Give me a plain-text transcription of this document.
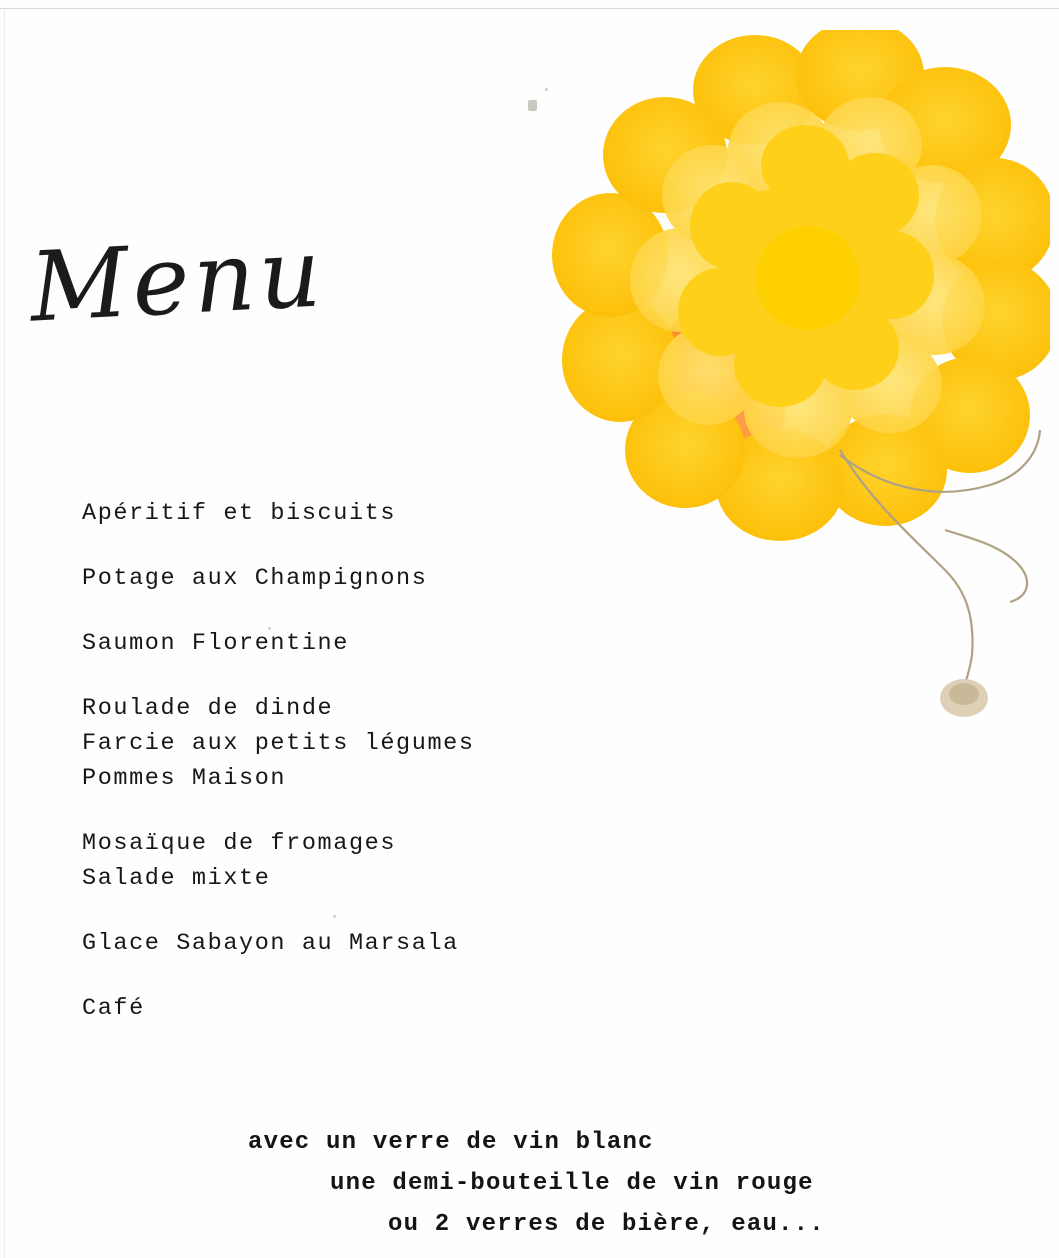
Menu
Apéritif et biscuits
Potage aux Champignons
Saumon Florentine
Roulade de dinde
Farcie aux petits légumes
Pommes Maison
Mosaïque de fromages
Salade mixte
Glace Sabayon au Marsala
Café
avec un verre de vin blanc
une demi-bouteille de vin rouge
ou 2 verres de bière, eau...
